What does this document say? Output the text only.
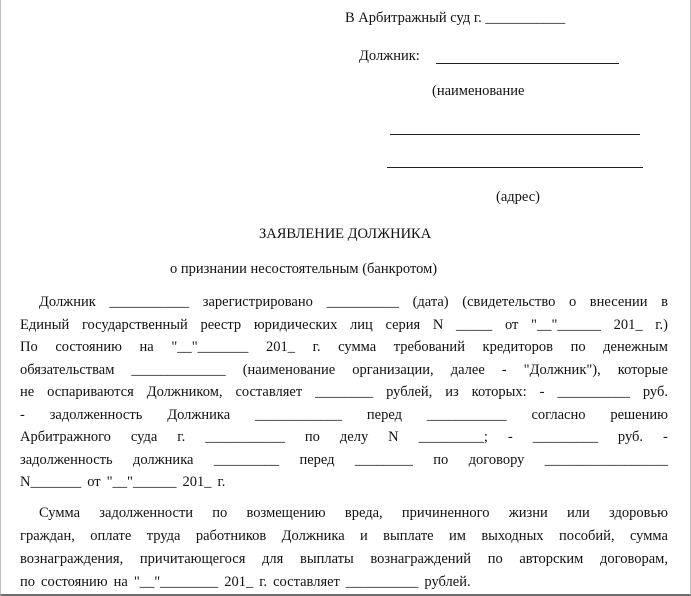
В Арбитражный суд г. ___________
Должник:
(наименование
(адрес)
ЗАЯВЛЕНИЕ ДОЛЖНИКА
о признании несостоятельным (банкротом)
Должник ___________ зарегистрировано __________ (дата) (свидетельство о внесении в
Единый государственный реестр юридических лиц серия N _____ от "__"______ 201_ г.)
По состоянию на "__"_______ 201_ г. сумма требований кредиторов по денежным
обязательствам _____________ (наименование организации, далее - "Должник"), которые
не оспариваются Должником, составляет ________ рублей, из которых: - __________ руб.
- задолженность Должника ____________ перед ___________ согласно решению
Арбитражного суда г. ___________ по делу N _________; - _________ руб. -
задолженность должника _________ перед ________ по договору _________________
N_______ от "__"______ 201_ г.
Сумма задолженности по возмещению вреда, причиненного жизни или здоровью
граждан, оплате труда работников Должника и выплате им выходных пособий, сумма
вознаграждения, причитающегося для выплаты вознаграждений по авторским договорам,
по состоянию на "__"________ 201_ г. составляет __________ рублей.
